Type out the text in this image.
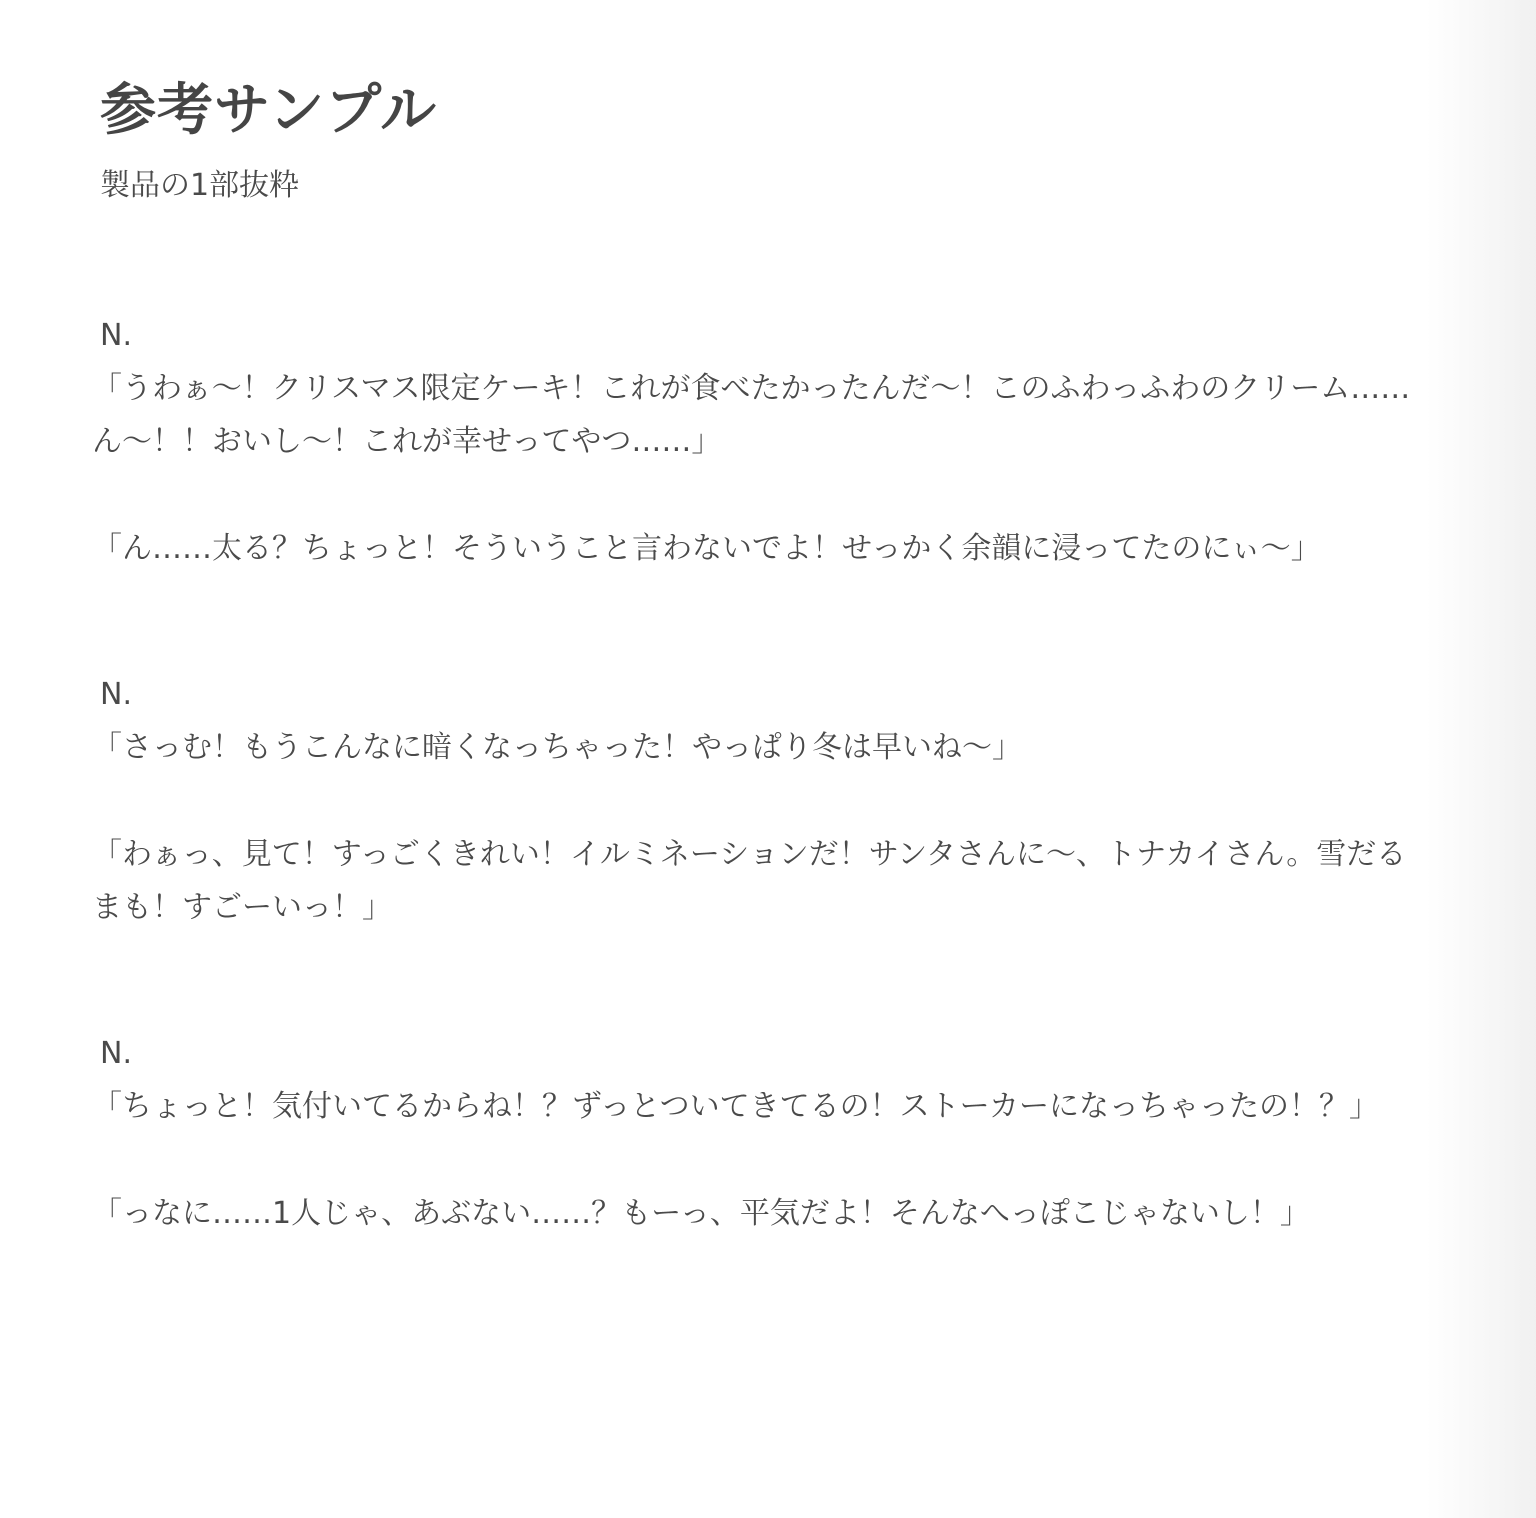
参考サンプル
製品の1部抜粋
N.

「うわぁ〜！クリスマス限定ケーキ！これが食べたかったんだ〜！このふわっふわのクリーム……ん〜！！おいし〜！これが幸せってやつ……」

「ん……太る？ちょっと！そういうこと言わないでよ！せっかく余韻に浸ってたのにぃ〜」

N.

「さっむ！もうこんなに暗くなっちゃった！やっぱり冬は早いね〜」

「わぁっ、見て！すっごくきれい！イルミネーションだ！サンタさんに〜、トナカイさん。雪だるまも！すごーいっ！」

N.

「ちょっと！気付いてるからね！？ずっとついてきてるの！ストーカーになっちゃったの！？」

「っなに……1人じゃ、あぶない……？もーっ、平気だよ！そんなへっぽこじゃないし！」
